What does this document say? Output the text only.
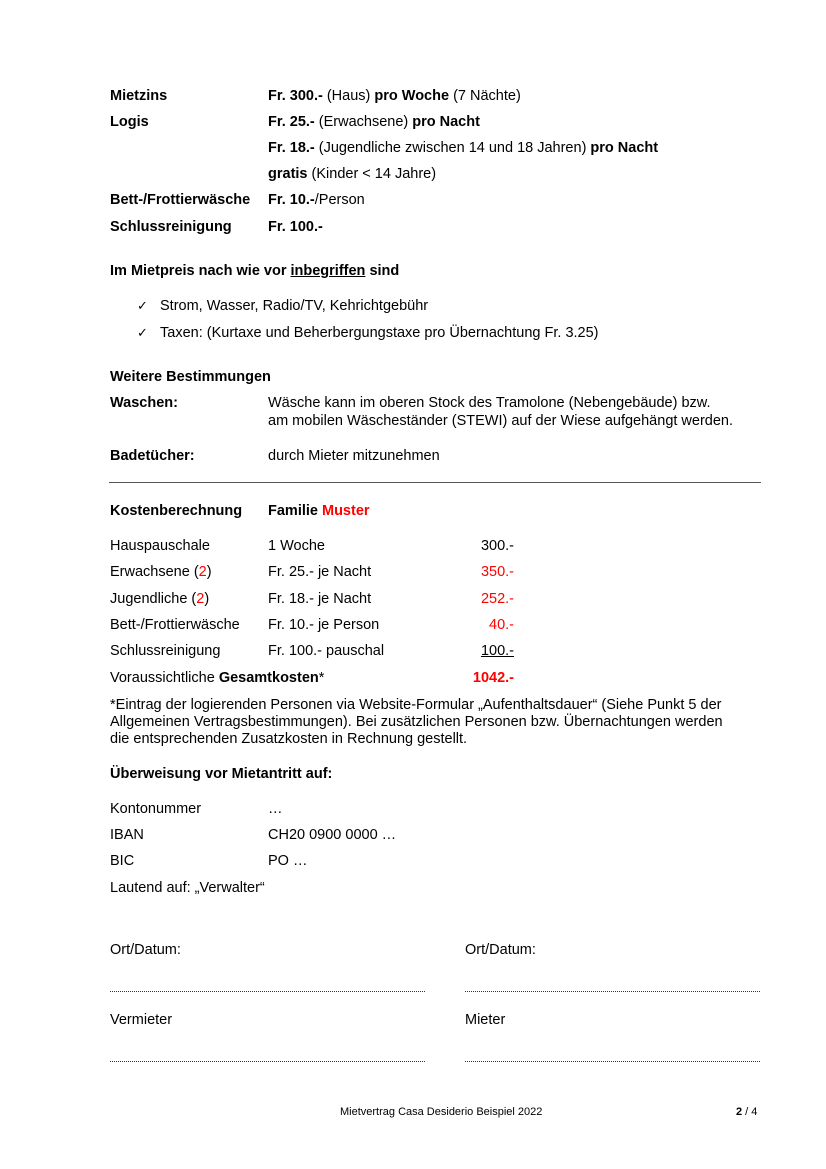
Mietzins	Fr. 300.- (Haus) pro Woche (7 Nächte)
Logis	Fr. 25.- (Erwachsene) pro Nacht
Fr. 18.- (Jugendliche zwischen 14 und 18 Jahren) pro Nacht
gratis (Kinder < 14 Jahre)
Bett-/Frottierwäsche Fr. 10.-/Person
Schlussreinigung	Fr. 100.-
Im Mietpreis nach wie vor inbegriffen sind
✓ Strom, Wasser, Radio/TV, Kehrichtgebühr
✓ Taxen: (Kurtaxe und Beherbergungstaxe pro Übernachtung Fr. 3.25)
Weitere Bestimmungen
Waschen:	Wäsche kann im oberen Stock des Tramolone (Nebengebäude) bzw.
am mobilen Wäscheständer (STEWI) auf der Wiese aufgehängt werden.
Badetücher:	durch Mieter mitzunehmen
Kostenberechnung Familie Muster
Hauspauschale	1 Woche	300.-
Erwachsene (2)	Fr. 25.- je Nacht	350.-
Jugendliche (2)	Fr. 18.- je Nacht	252.-
Bett-/Frottierwäsche Fr. 10.- je Person	40.-
Schlussreinigung	Fr. 100.- pauschal	100.-
Voraussichtliche Gesamtkosten*	1042.-
*Eintrag der logierenden Personen via Website-Formular „Aufenthaltsdauer“ (Siehe Punkt 5 der
Allgemeinen Vertragsbestimmungen). Bei zusätzlichen Personen bzw. Übernachtungen werden
die entsprechenden Zusatzkosten in Rechnung gestellt.
Überweisung vor Mietantritt auf:
Kontonummer	…
IBAN	CH20 0900 0000 …
BIC	PO …
Lautend auf: „Verwalter“
Ort/Datum:	Ort/Datum:
Vermieter	Mieter
Mietvertrag Casa Desiderio Beispiel 2022	2 / 4
